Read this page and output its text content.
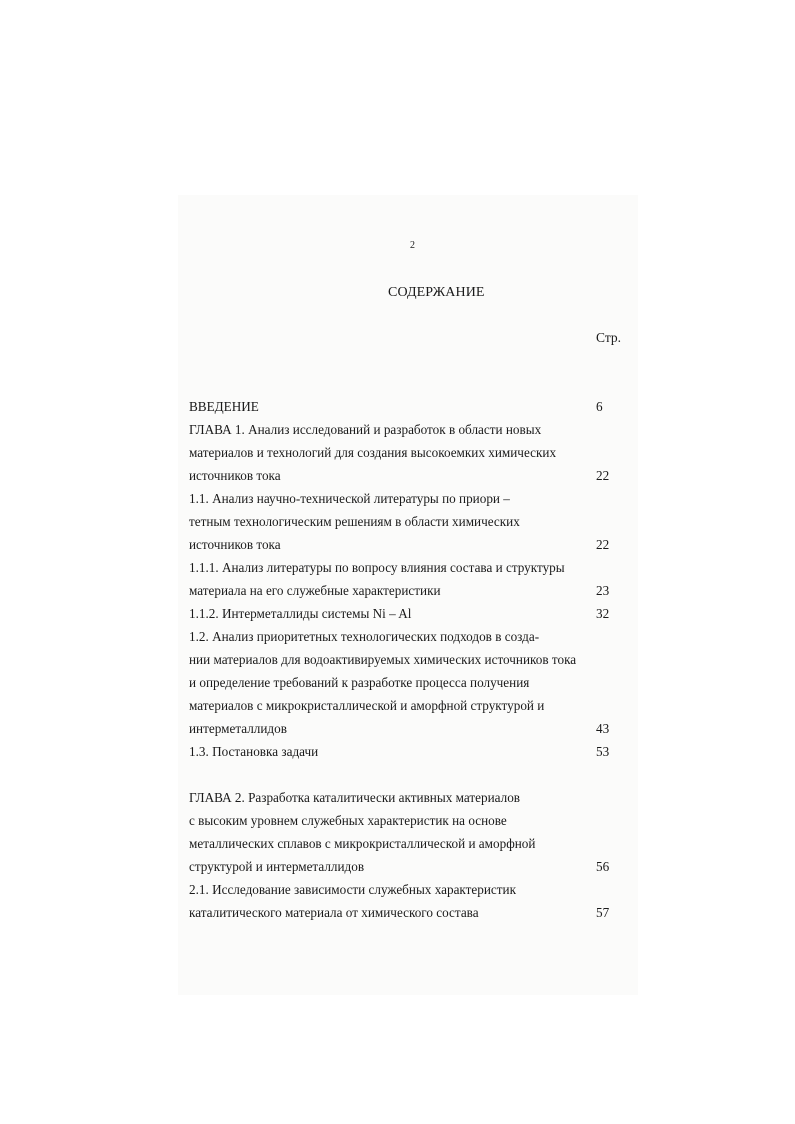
2
СОДЕРЖАНИЕ
Стр.
ВВЕДЕНИЕ	6
ГЛАВА 1. Анализ исследований и разработок в области новых
материалов и технологий для создания высокоемких химических
источников тока	22
1.1. Анализ научно-технической литературы по приори –
тетным технологическим решениям в области химических
источников тока	22
1.1.1. Анализ литературы по вопросу влияния состава и структуры
материала на его служебные характеристики	23
1.1.2. Интерметаллиды системы Ni – Al	32
1.2. Анализ приоритетных технологических подходов в созда-
нии материалов для водоактивируемых химических источников тока
и определение требований к разработке процесса получения
материалов с микрокристаллической и аморфной структурой и
интерметаллидов	43
1.3. Постановка задачи	53
ГЛАВА 2. Разработка каталитически активных материалов
с высоким уровнем служебных характеристик на основе
металлических сплавов с микрокристаллической и аморфной
структурой и интерметаллидов	56
2.1. Исследование зависимости служебных характеристик
каталитического материала от химического состава	57
